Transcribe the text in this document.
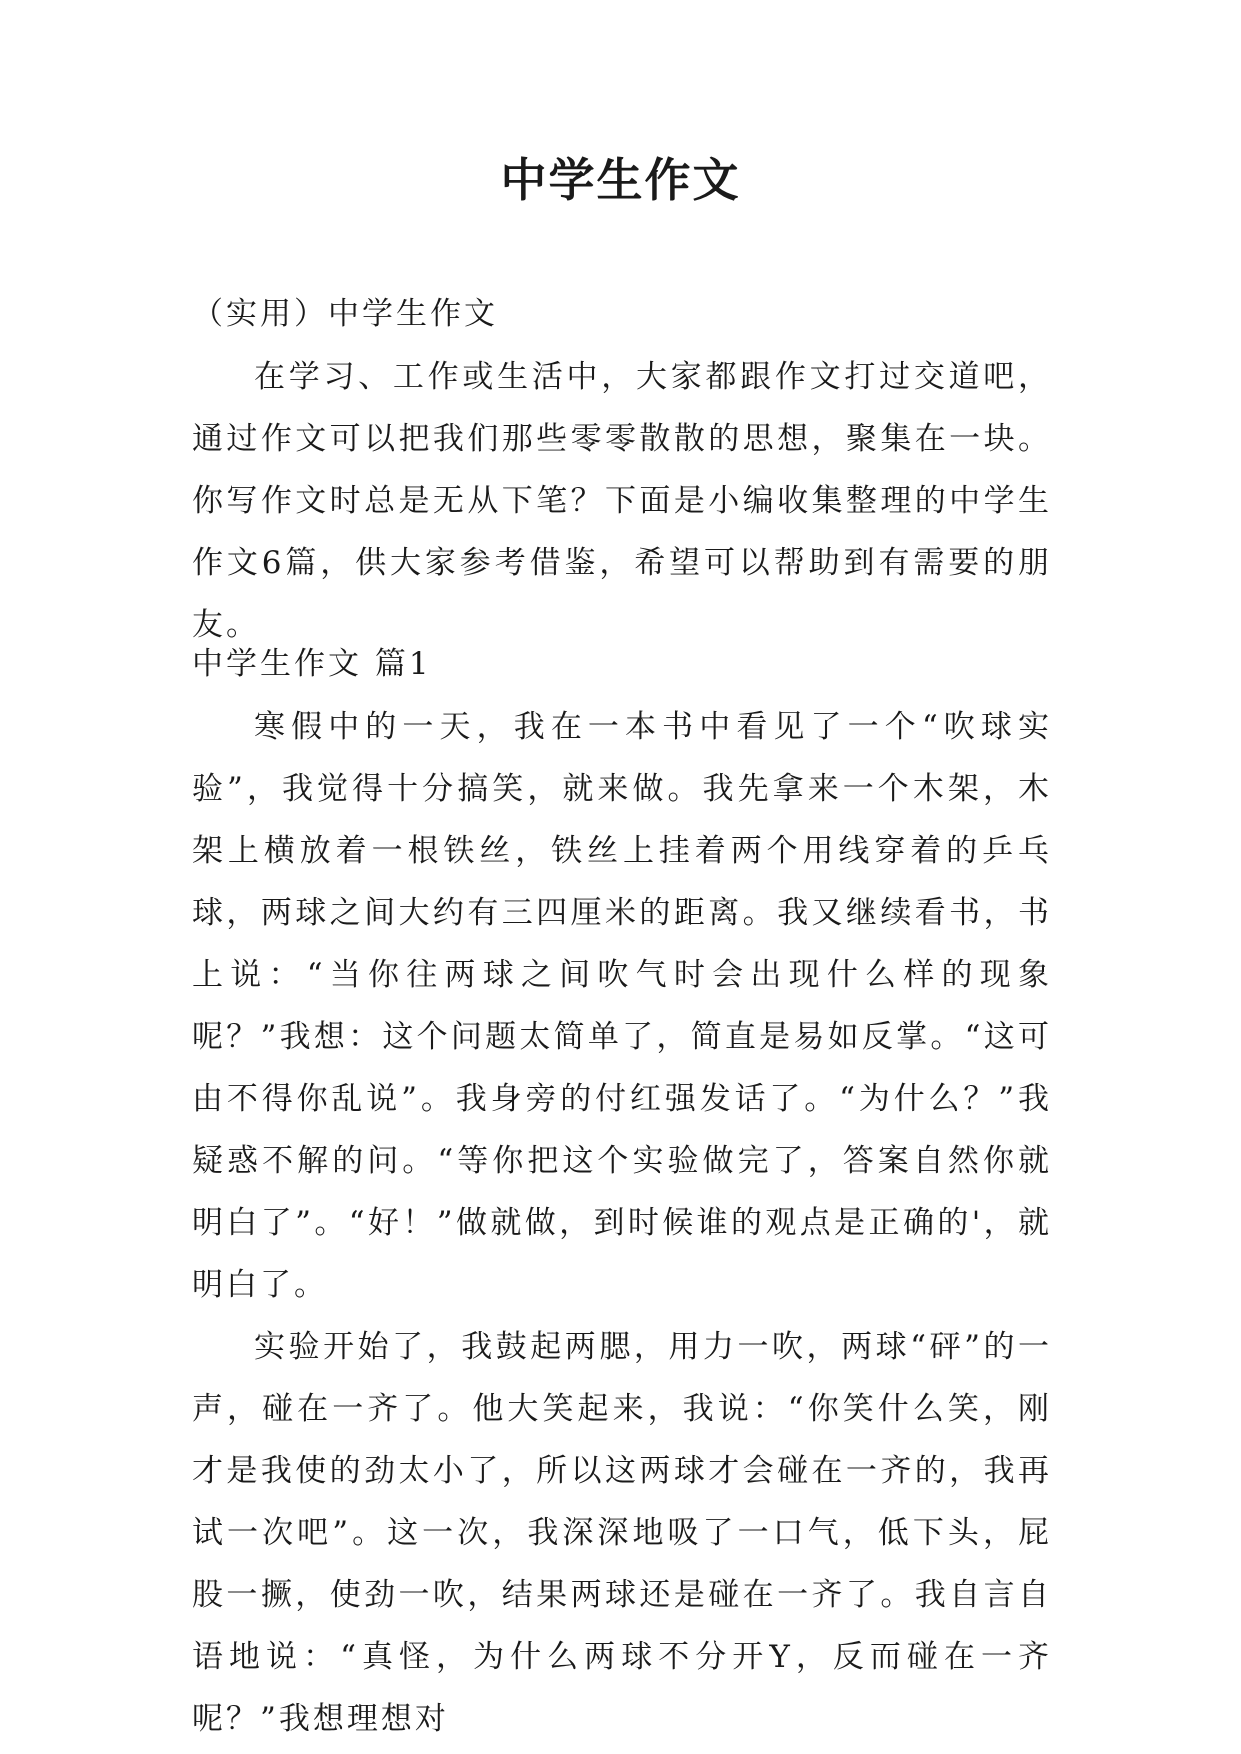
中学生作文
（实用）中学生作文

在学习、工作或生活中，大家都跟作文打过交道吧，通过作文可以把我们那些零零散散的思想，聚集在一块。你写作文时总是无从下笔？下面是小编收集整理的中学生作文6篇，供大家参考借鉴，希望可以帮助到有需要的朋友。

中学生作文 篇1

寒假中的一天，我在一本书中看见了一个“吹球实验”，我觉得十分搞笑，就来做。我先拿来一个木架，木架上横放着一根铁丝，铁丝上挂着两个用线穿着的乒乓球，两球之间大约有三四厘米的距离。我又继续看书，书上说：“当你往两球之间吹气时会出现什么样的现象呢？”我想：这个问题太简单了，简直是易如反掌。“这可由不得你乱说”。我身旁的付红强发话了。“为什么？”我疑惑不解的问。“等你把这个实验做完了，答案自然你就明白了”。“好！”做就做，到时候谁的观点是正确的'，就明白了。

实验开始了，我鼓起两腮，用力一吹，两球“砰”的一声，碰在一齐了。他大笑起来，我说：“你笑什么笑，刚才是我使的劲太小了，所以这两球才会碰在一齐的，我再试一次吧”。这一次，我深深地吸了一口气，低下头，屁股一撅，使劲一吹，结果两球还是碰在一齐了。我自言自语地说：“真怪，为什么两球不分开Y，反而碰在一齐呢？”我想理想对
